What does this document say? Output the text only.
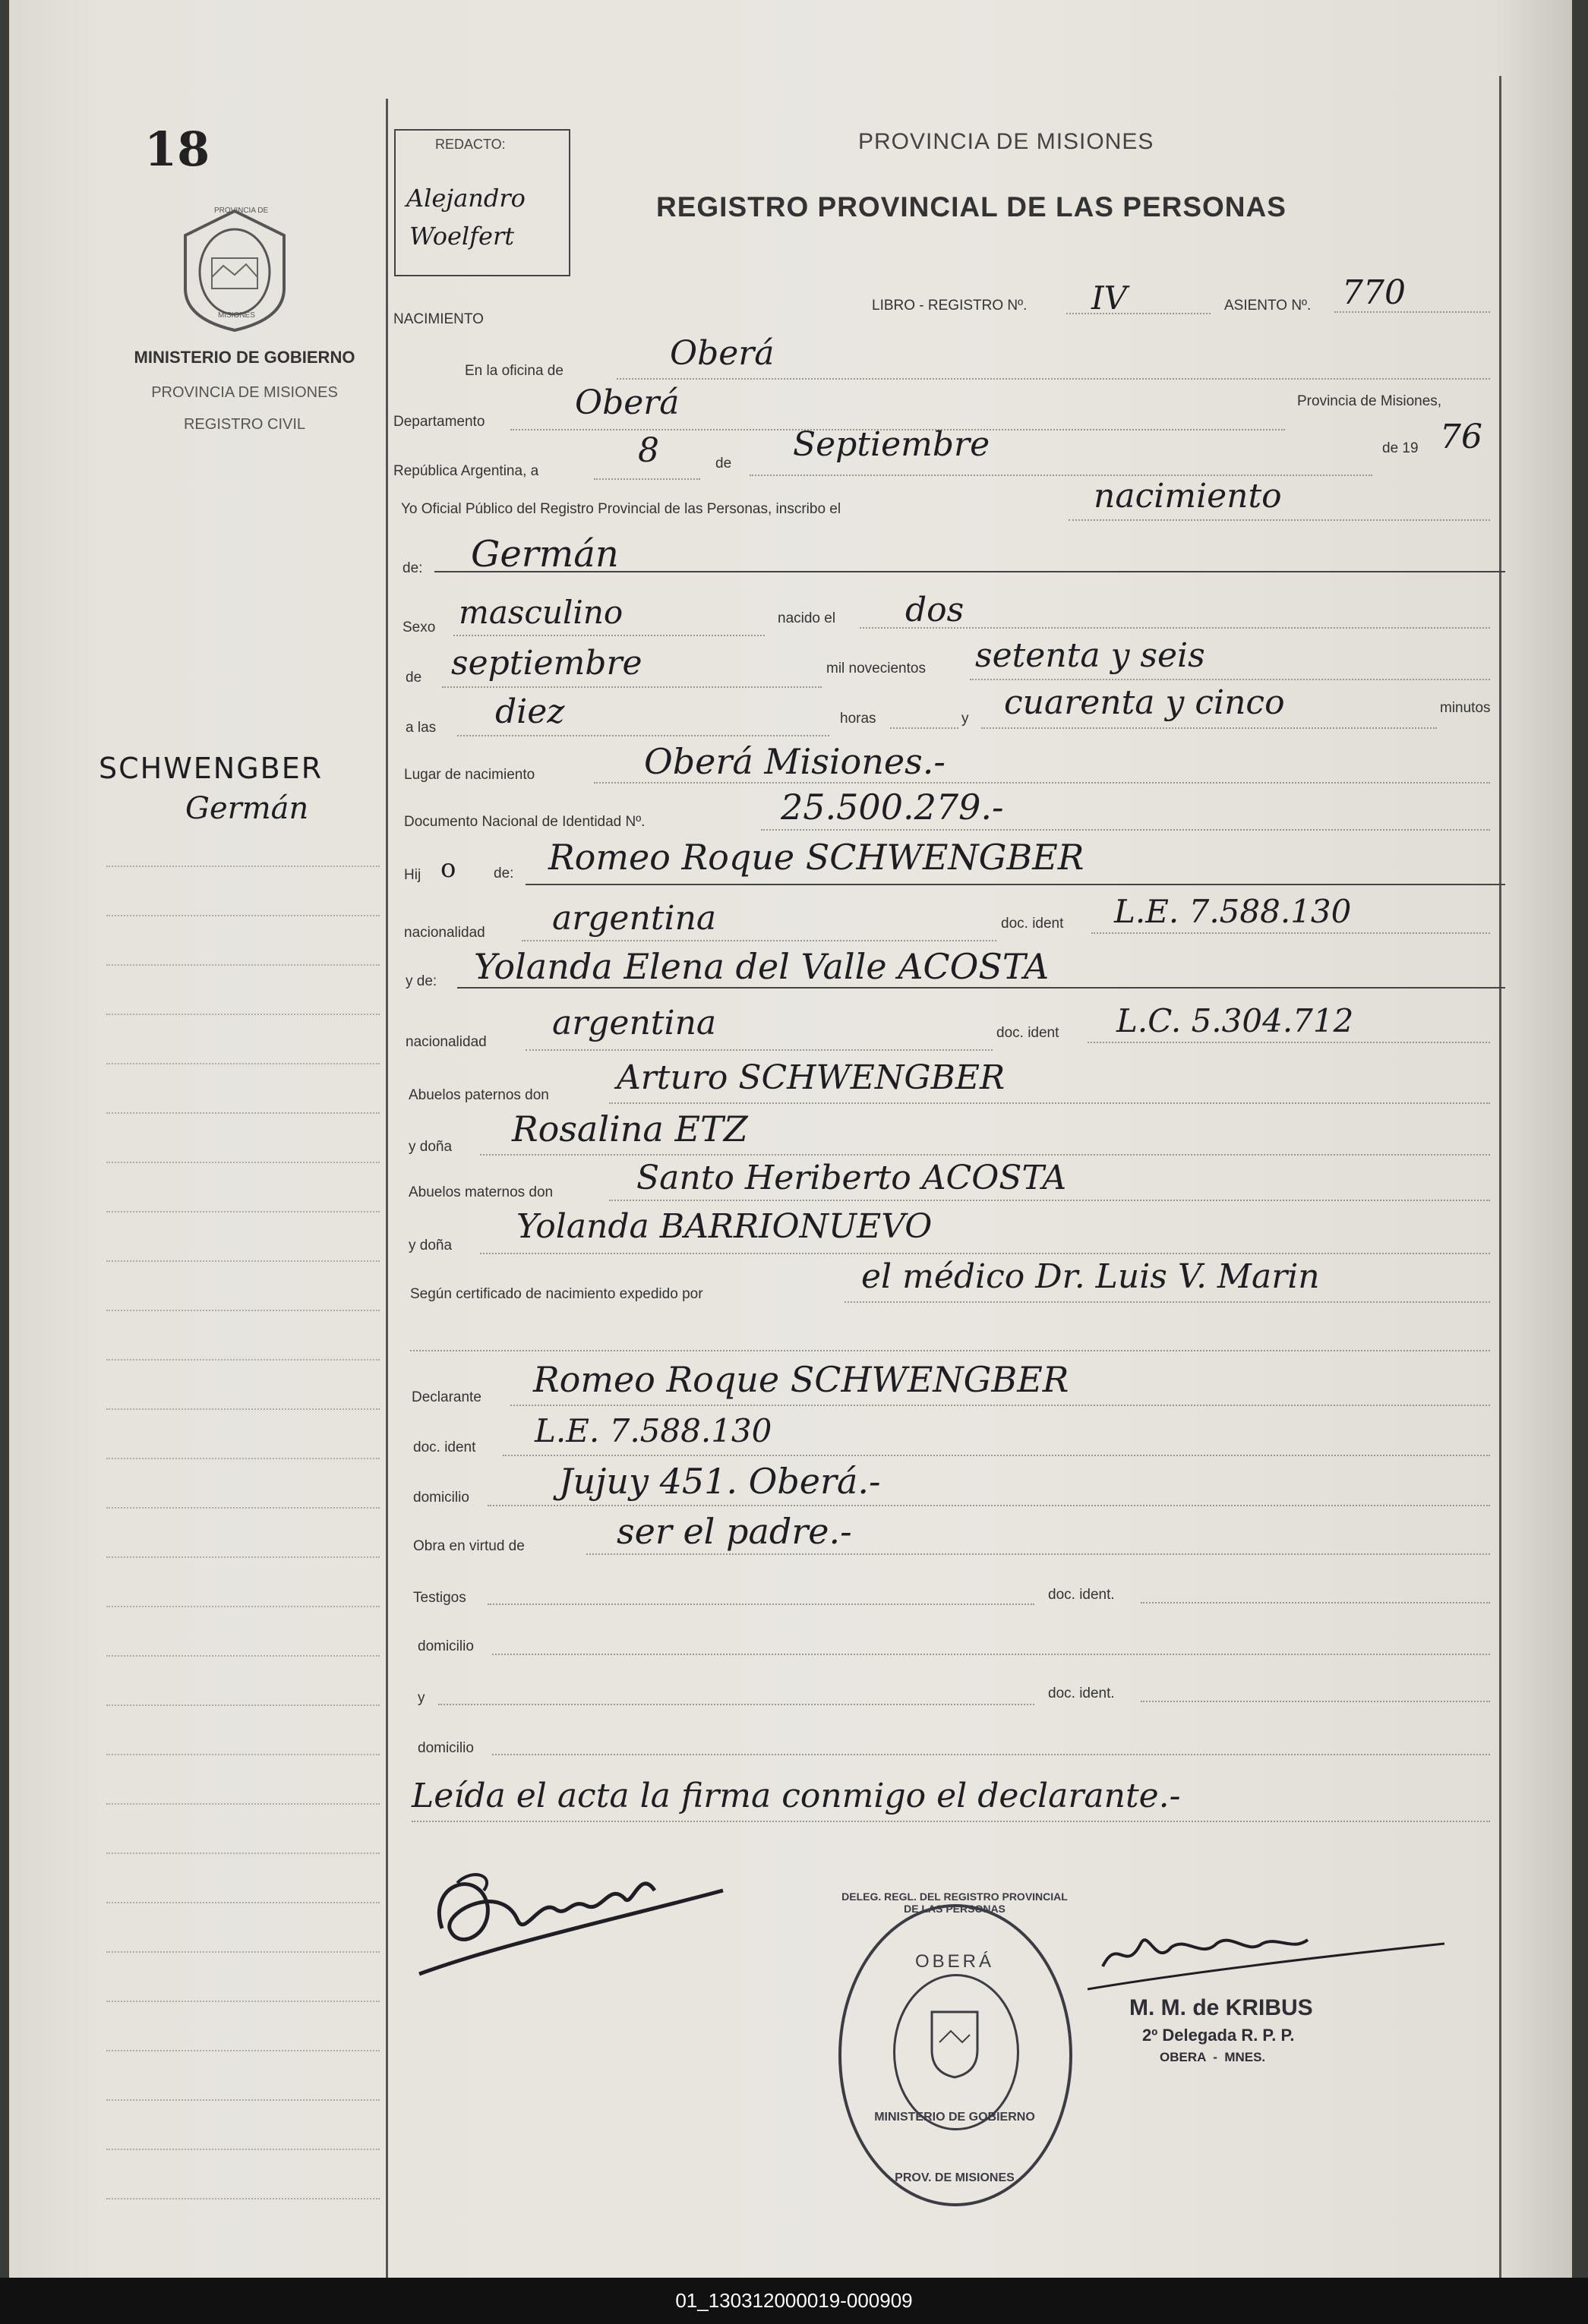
18
PROVINCIA DE
MISIONES
MINISTERIO DE GOBIERNO
PROVINCIA DE MISIONES
REGISTRO CIVIL
SCHWENGBER
Germán
REDACTO:
Alejandro
Woelfert
PROVINCIA DE MISIONES
REGISTRO PROVINCIAL DE LAS PERSONAS
NACIMIENTO
LIBRO - REGISTRO Nº. IV	ASIENTO Nº. 770
En la oficina de	Oberá
Departamento	Oberá	Provincia de Misiones,
República Argentina, a
8	de Septiembre	de 19 76
Yo Oficial Público del Registro Provincial de las Personas, inscribo el	nacimiento
de: Germán
Sexo masculino	nacido el dos
de septiembre	mil novecientos setenta y seis
a las diez	horas	y cuarenta y cinco	minutos
Lugar de nacimiento	Oberá Misiones.-
Documento Nacional de Identidad Nº.	25.500.279.-
Hij o	de: Romeo Roque SCHWENGBER
nacionalidad argentina	doc. ident L.E. 7.588.130
y de: Yolanda Elena del Valle ACOSTA
nacionalidad argentina	doc. ident L.C. 5.304.712
Abuelos paternos don Arturo SCHWENGBER
y doña Rosalina ETZ
Abuelos maternos don Santo Heriberto ACOSTA
y doña Yolanda BARRIONUEVO
Según certificado de nacimiento expedido por	el médico Dr. Luis V. Marin
Declarante Romeo Roque SCHWENGBER
doc. ident L.E. 7.588.130
domicilio	Jujuy 451. Oberá.-
Obra en virtud de	ser el padre.-
Testigos	doc. ident.
domicilio
y	doc. ident.
domicilio
Leída el acta la firma conmigo el declarante.-
DELEG. REGL. DEL REGISTRO PROVINCIAL DE LAS PERSONAS
OBERÁ
MINISTERIO DE GOBIERNO
PROV. DE MISIONES
M. M. de KRIBUS
2º Delegada R. P. P.
OBERA  -  MNES.
01_130312000019-000909
